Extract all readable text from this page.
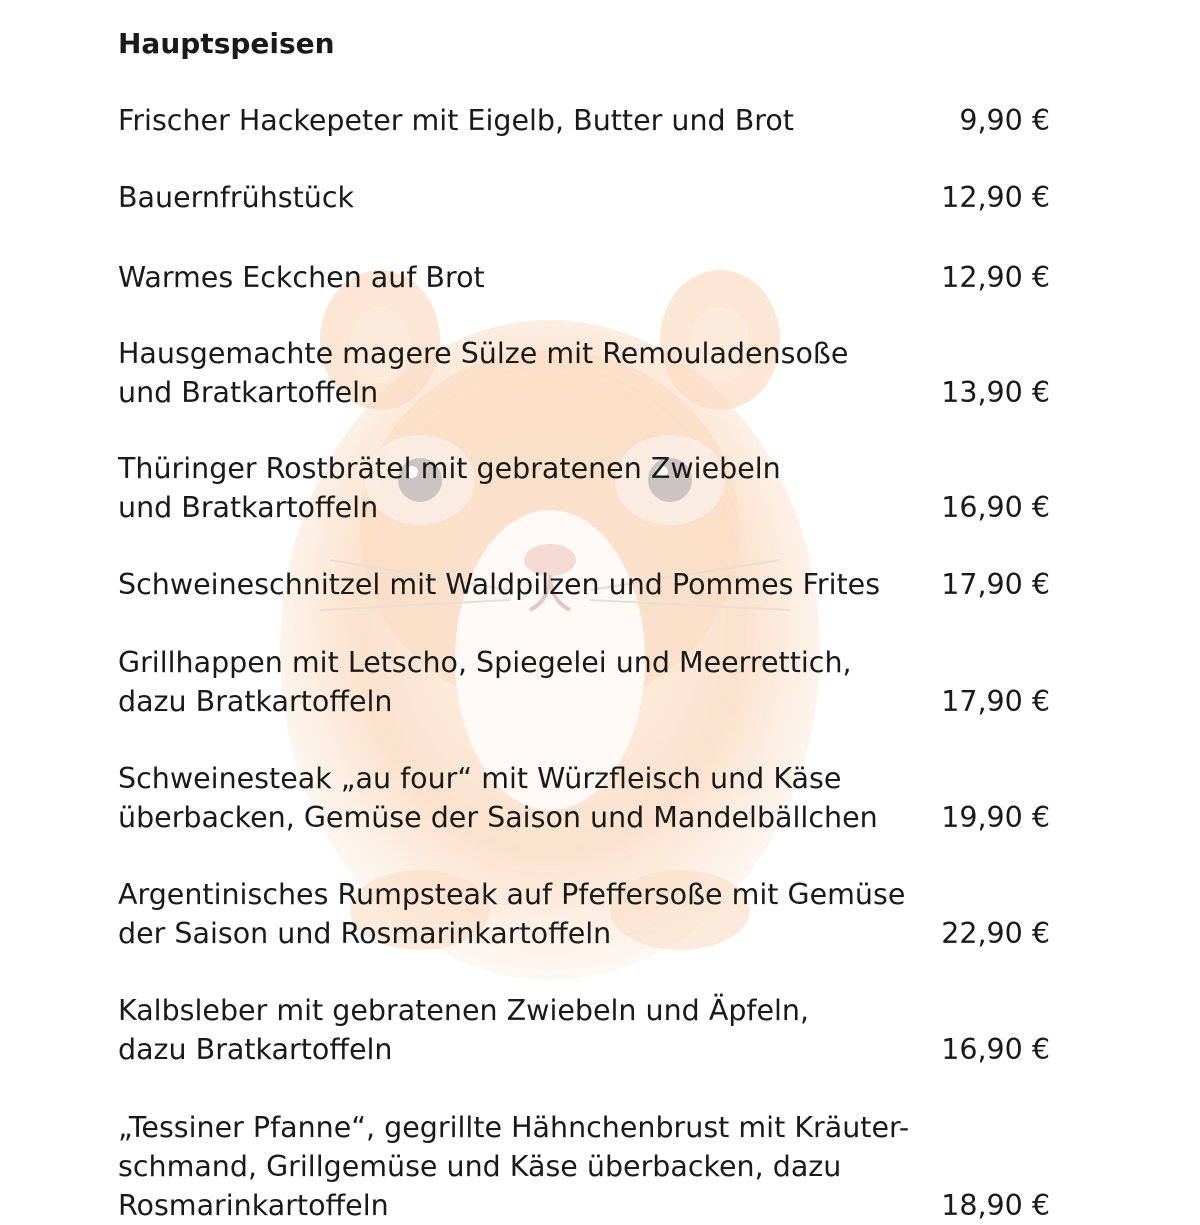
Hauptspeisen
Frischer Hackepeter mit Eigelb, Butter und Brot	9,90 €
Bauernfrühstück	12,90 €
Warmes Eckchen auf Brot	12,90 €
Hausgemachte magere Sülze mit Remouladensoße
und Bratkartoffeln	13,90 €
Thüringer Rostbrätel mit gebratenen Zwiebeln
und Bratkartoffeln	16,90 €
Schweineschnitzel mit Waldpilzen und Pommes Frites	17,90 €
Grillhappen mit Letscho, Spiegelei und Meerrettich,
dazu Bratkartoffeln	17,90 €
Schweinesteak „au four“ mit Würzfleisch und Käse
überbacken, Gemüse der Saison und Mandelbällchen	19,90 €
Argentinisches Rumpsteak auf Pfeffersoße mit Gemüse
der Saison und Rosmarinkartoffeln	22,90 €
Kalbsleber mit gebratenen Zwiebeln und Äpfeln,
dazu Bratkartoffeln	16,90 €
„Tessiner Pfanne“, gegrillte Hähnchenbrust mit Kräuter-
schmand, Grillgemüse und Käse überbacken, dazu
Rosmarinkartoffeln	18,90 €
